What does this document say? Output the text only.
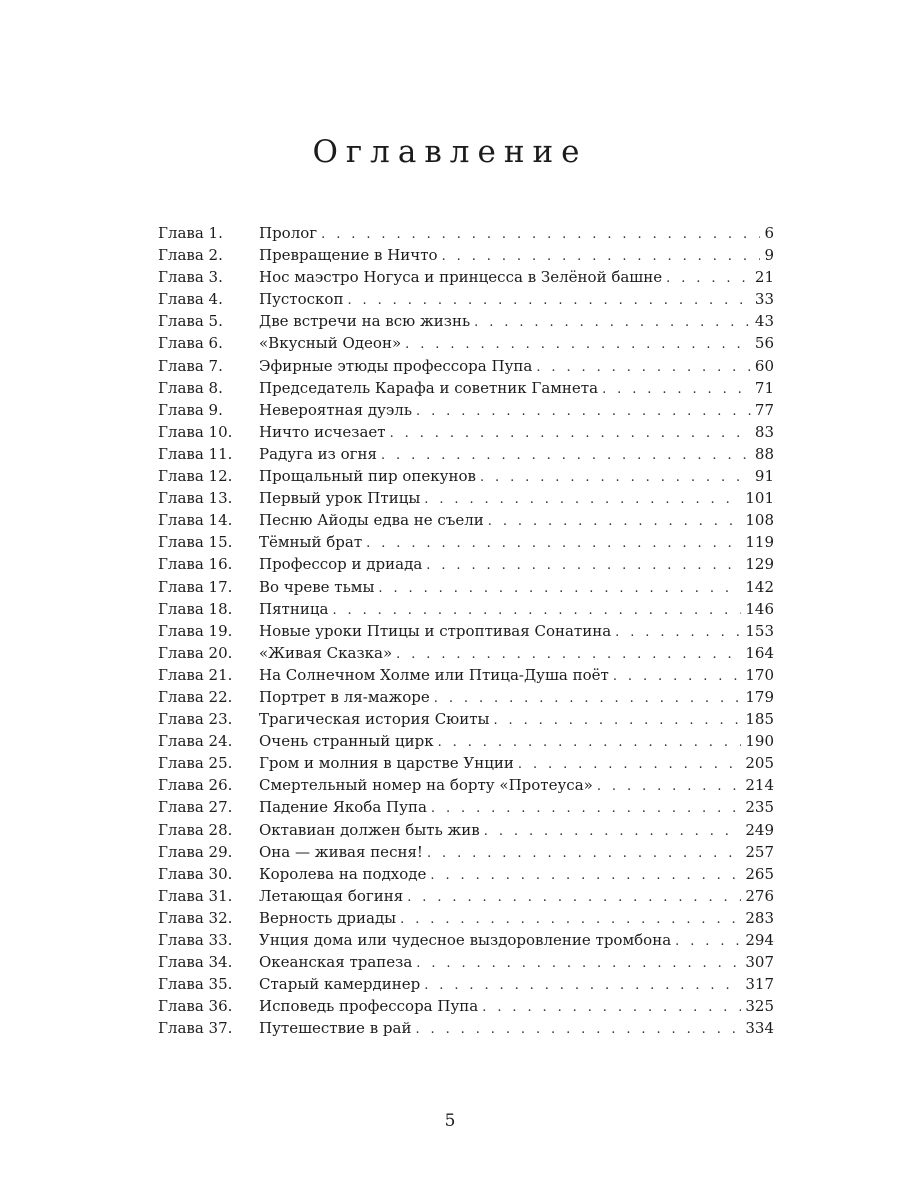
Оглавление
Глава 1.	Пролог . . .	6
Глава 2.	Превращение в Ничто . . .	9
Глава 3.	Нос маэстро Ногуса и принцесса в Зелёной башне . . .	21
Глава 4.	Пустоскоп . . .	33
Глава 5.	Две встречи на всю жизнь . . .	43
Глава 6.	«Вкусный Одеон» . . .	56
Глава 7.	Эфирные этюды профессора Пупа . . .	60
Глава 8.	Председатель Карафа и советник Гамнета . . .	71
Глава 9.	Невероятная дуэль . . .	77
Глава 10.	Ничто исчезает . . .	83
Глава 11.	Радуга из огня . . .	88
Глава 12.	Прощальный пир опекунов . . .	91
Глава 13.	Первый урок Птицы . . .	101
Глава 14.	Песню Айоды едва не съели . . .	108
Глава 15.	Тёмный брат . . .	119
Глава 16.	Профессор и дриада . . .	129
Глава 17.	Во чреве тьмы . . .	142
Глава 18.	Пятница . . .	146
Глава 19.	Новые уроки Птицы и строптивая Сонатина . . .	153
Глава 20.	«Живая Сказка» . . .	164
Глава 21.	На Солнечном Холме или Птица-Душа поёт . . .	170
Глава 22.	Портрет в ля-мажоре . . .	179
Глава 23.	Трагическая история Сюиты . . .	185
Глава 24.	Очень странный цирк . . .	190
Глава 25.	Гром и молния в царстве Унции . . .	205
Глава 26.	Смертельный номер на борту «Протеуса» . . .	214
Глава 27.	Падение Якоба Пупа . . .	235
Глава 28.	Октавиан должен быть жив . . .	249
Глава 29.	Она — живая песня! . . .	257
Глава 30.	Королева на подходе . . .	265
Глава 31.	Летающая богиня . . .	276
Глава 32.	Верность дриады . . .	283
Глава 33.	Унция дома или чудесное выздоровление тромбона . . .	294
Глава 34.	Океанская трапеза . . .	307
Глава 35.	Старый камердинер . . .	317
Глава 36.	Исповедь профессора Пупа . . .	325
Глава 37.	Путешествие в рай . . .	334
5
